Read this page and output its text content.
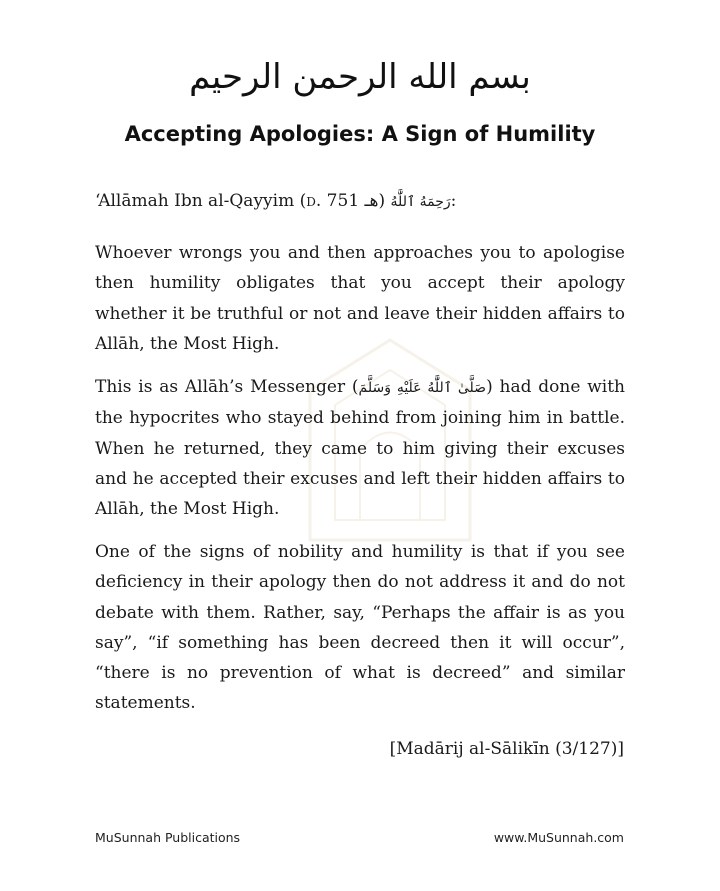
بسم الله الرحمن الرحيم
Accepting Apologies: A Sign of Humility
‘Allāmah Ibn al-Qayyim (d. 751 هـ) رَحِمَهُ ٱللَّٰهُ:
Whoever wrongs you and then approaches you to apologise then humility obligates that you accept their apology whether it be truthful or not and leave their hidden affairs to Allāh, the Most High.
This is as Allāh’s Messenger (صَلَّىٰ ٱللَّٰهُ عَلَيْهِ وَسَلَّمَ) had done with the hypocrites who stayed behind from joining him in battle. When he returned, they came to him giving their excuses and he accepted their excuses and left their hidden affairs to Allāh, the Most High.
One of the signs of nobility and humility is that if you see deficiency in their apology then do not address it and do not debate with them. Rather, say, “Perhaps the affair is as you say”, “if something has been decreed then it will occur”, “there is no prevention of what is decreed” and similar statements.
[Madārij al-Sālikīn (3/127)]
MuSunnah Publications	www.MuSunnah.com
